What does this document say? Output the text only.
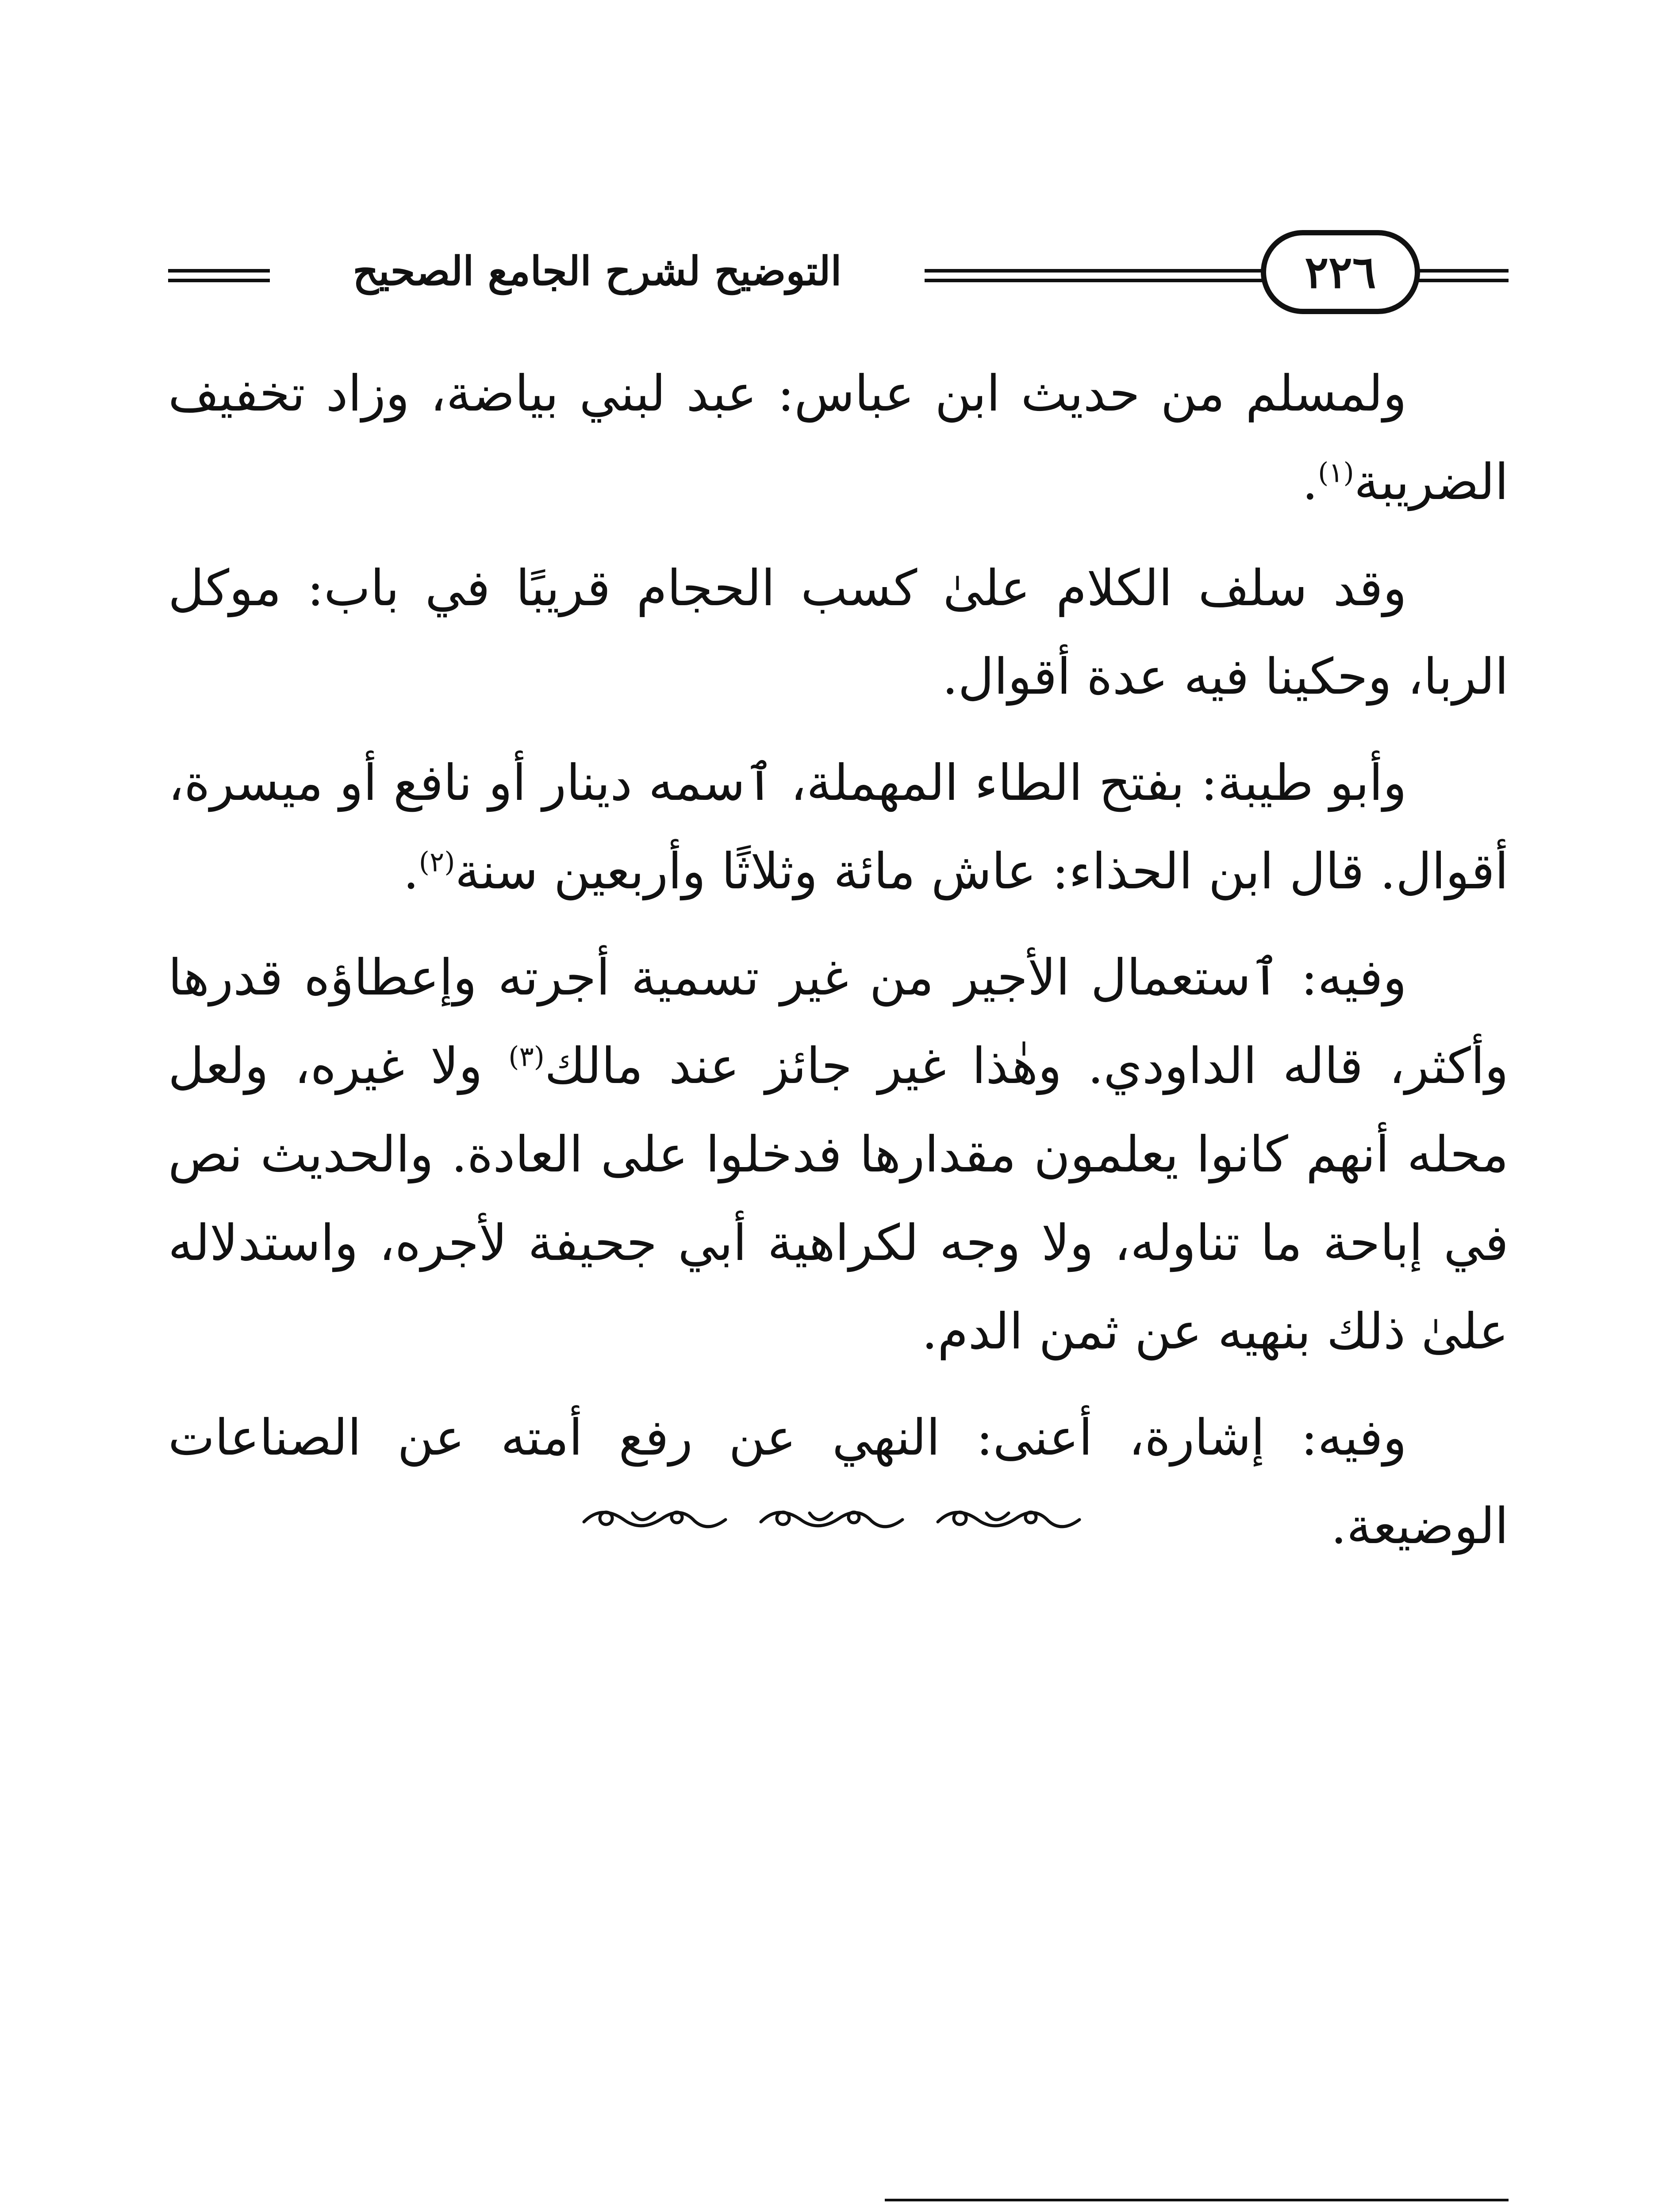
التوضيح لشرح الجامع الصحيح	٢٢٦

ولمسلم من حديث ابن عباس: عبد لبني بياضة، وزاد تخفيف الضريبة$^{(١)}$.

وقد سلف الكلام علىٰ كسب الحجام قريبًا في باب: موكل الربا، وحكينا فيه عدة أقوال.

وأبو طيبة: بفتح الطاء المهملة، ٱسمه دينار أو نافع أو ميسرة، أقوال. قال ابن الحذاء: عاش مائة وثلاثًا وأربعين سنة$^{(٢)}$.

وفيه: ٱستعمال الأجير من غير تسمية أجرته وإعطاؤه قدرها وأكثر، قاله الداودي. وهٰذا غير جائز عند مالك$^{(٣)}$ ولا غيره، ولعل محله أنهم كانوا يعلمون مقدارها فدخلوا على العادة. والحديث نص في إباحة ما تناوله، ولا وجه لكراهية أبي جحيفة لأجره، واستدلاله علىٰ ذلك بنهيه عن ثمن الدم.

وفيه: إشارة، أعنى: النهي عن رفع أمته عن الصناعات الوضيعة.
